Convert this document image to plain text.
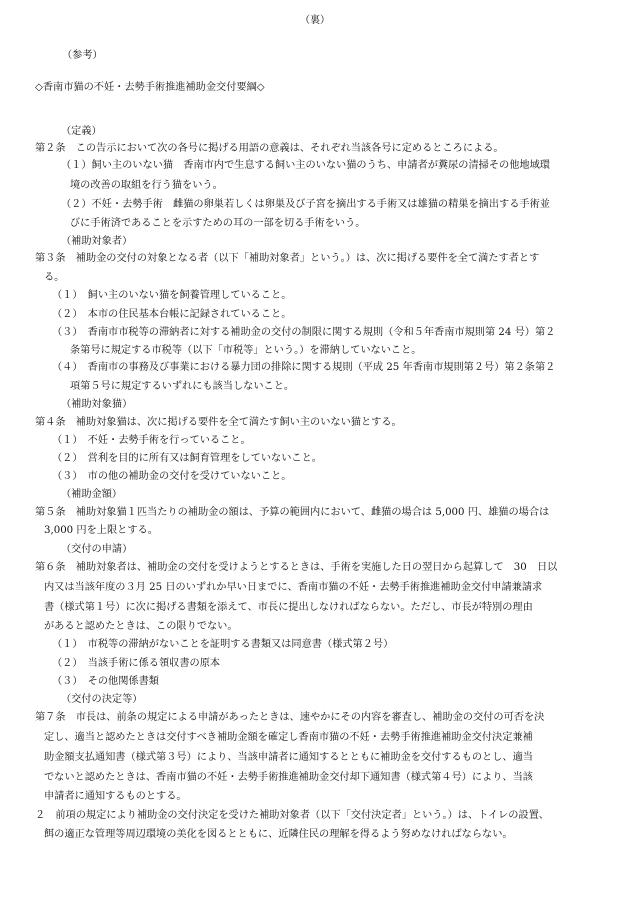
（裏）
（参考）
◇香南市猫の不妊・去勢手術推進補助金交付要綱◇
（定義）
第２条　この告示において次の各号に掲げる用語の意義は、それぞれ当該各号に定めるところによる。
（１）飼い主のいない猫　香南市内で生息する飼い主のいない猫のうち、申請者が糞尿の清掃その他地域環
境の改善の取組を行う猫をいう。
（２）不妊・去勢手術　雌猫の卵巣若しくは卵巣及び子宮を摘出する手術又は雄猫の精巣を摘出する手術並
びに手術済であることを示すための耳の一部を切る手術をいう。
（補助対象者）
第３条　補助金の交付の対象となる者（以下「補助対象者」という。）は、次に掲げる要件を全て満たす者とす
る。
（１）　飼い主のいない猫を飼養管理していること。
（２）　本市の住民基本台帳に記録されていること。
（３）　香南市市税等の滞納者に対する補助金の交付の制限に関する規則（令和５年香南市規則第 24 号）第２
条第号に規定する市税等（以下「市税等」という。）を滞納していないこと。
（４）　香南市の事務及び事業における暴力団の排除に関する規則（平成 25 年香南市規則第２号）第２条第２
項第５号に規定するいずれにも該当しないこと。
（補助対象猫）
第４条　補助対象猫は、次に掲げる要件を全て満たす飼い主のいない猫とする。
（１）　不妊・去勢手術を行っていること。
（２）　営利を目的に所有又は飼育管理をしていないこと。
（３）　市の他の補助金の交付を受けていないこと。
（補助金額）
第５条　補助対象猫１匹当たりの補助金の額は、予算の範囲内において、雌猫の場合は 5,000 円、雄猫の場合は
3,000 円を上限とする。
（交付の申請）
第６条　補助対象者は、補助金の交付を受けようとするときは、手術を実施した日の翌日から起算して　30　日以
内又は当該年度の３月 25 日のいずれか早い日までに、香南市猫の不妊・去勢手術推進補助金交付申請兼請求
書（様式第１号）に次に掲げる書類を添えて、市長に提出しなければならない。ただし、市長が特別の理由
があると認めたときは、この限りでない。
（１）　市税等の滞納がないことを証明する書類又は同意書（様式第２号）
（２）　当該手術に係る領収書の原本
（３）　その他関係書類
（交付の決定等）
第７条　市長は、前条の規定による申請があったときは、速やかにその内容を審査し、補助金の交付の可否を決
定し、適当と認めたときは交付すべき補助金額を確定し香南市猫の不妊・去勢手術推進補助金交付決定兼補
助金額支払通知書（様式第３号）により、当該申請者に通知するとともに補助金を交付するものとし、適当
でないと認めたときは、香南市猫の不妊・去勢手術推進補助金交付却下通知書（様式第４号）により、当該
申請者に通知するものとする。
２　前項の規定により補助金の交付決定を受けた補助対象者（以下「交付決定者」という。）は、トイレの設置、
餌の適正な管理等周辺環境の美化を図るとともに、近隣住民の理解を得るよう努めなければならない。
